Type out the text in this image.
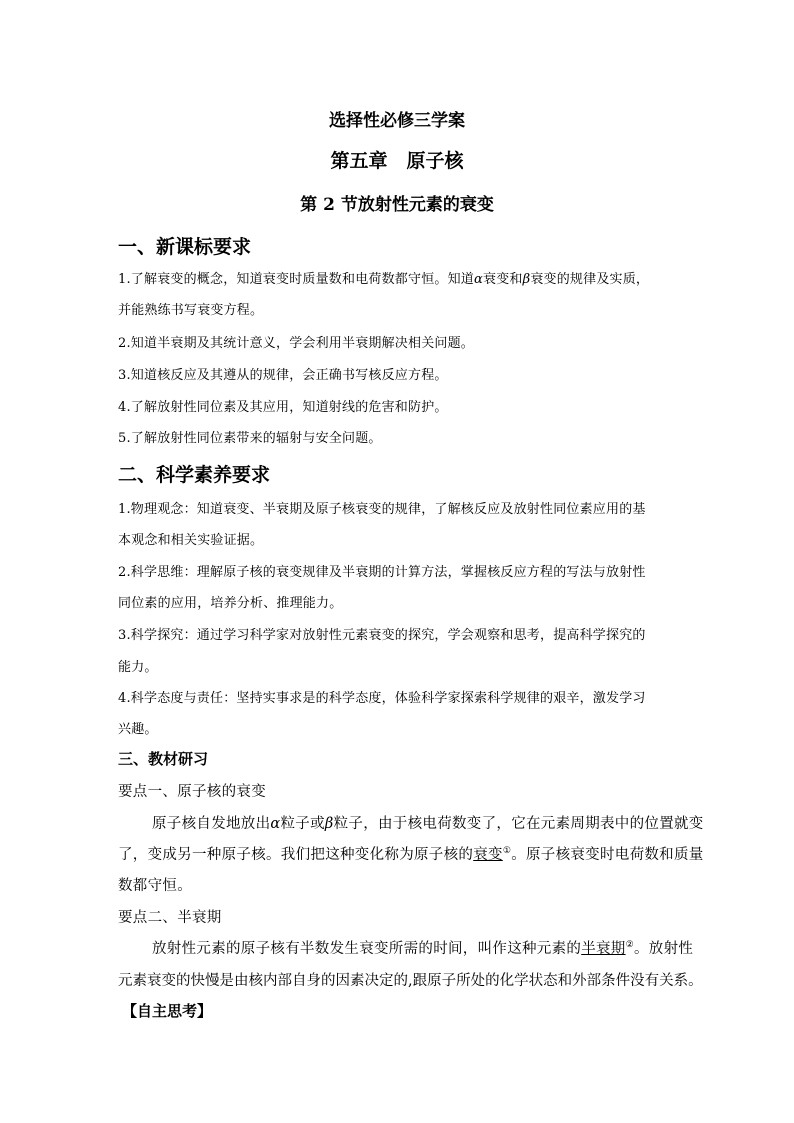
选择性必修三学案
第五章　原子核
第 2 节放射性元素的衰变
一、新课标要求
1.了解衰变的概念，知道衰变时质量数和电荷数都守恒。知道α衰变和β衰变的规律及实质，
并能熟练书写衰变方程。
2.知道半衰期及其统计意义，学会利用半衰期解决相关问题。
3.知道核反应及其遵从的规律，会正确书写核反应方程。
4.了解放射性同位素及其应用，知道射线的危害和防护。
5.了解放射性同位素带来的辐射与安全问题。
二、科学素养要求
1.物理观念：知道衰变、半衰期及原子核衰变的规律，了解核反应及放射性同位素应用的基
本观念和相关实验证据。
2.科学思维：理解原子核的衰变规律及半衰期的计算方法，掌握核反应方程的写法与放射性
同位素的应用，培养分析、推理能力。
3.科学探究：通过学习科学家对放射性元素衰变的探究，学会观察和思考，提高科学探究的
能力。
4.科学态度与责任：坚持实事求是的科学态度，体验科学家探索科学规律的艰辛，激发学习
兴趣。
三、教材研习
要点一、原子核的衰变
原子核自发地放出α粒子或β粒子，由于核电荷数变了，它在元素周期表中的位置就变
了，变成另一种原子核。我们把这种变化称为原子核的衰变①。原子核衰变时电荷数和质量
数都守恒。
要点二、半衰期
放射性元素的原子核有半数发生衰变所需的时间，叫作这种元素的半衰期②。放射性
元素衰变的快慢是由核内部自身的因素决定的,跟原子所处的化学状态和外部条件没有关系。
【自主思考】
